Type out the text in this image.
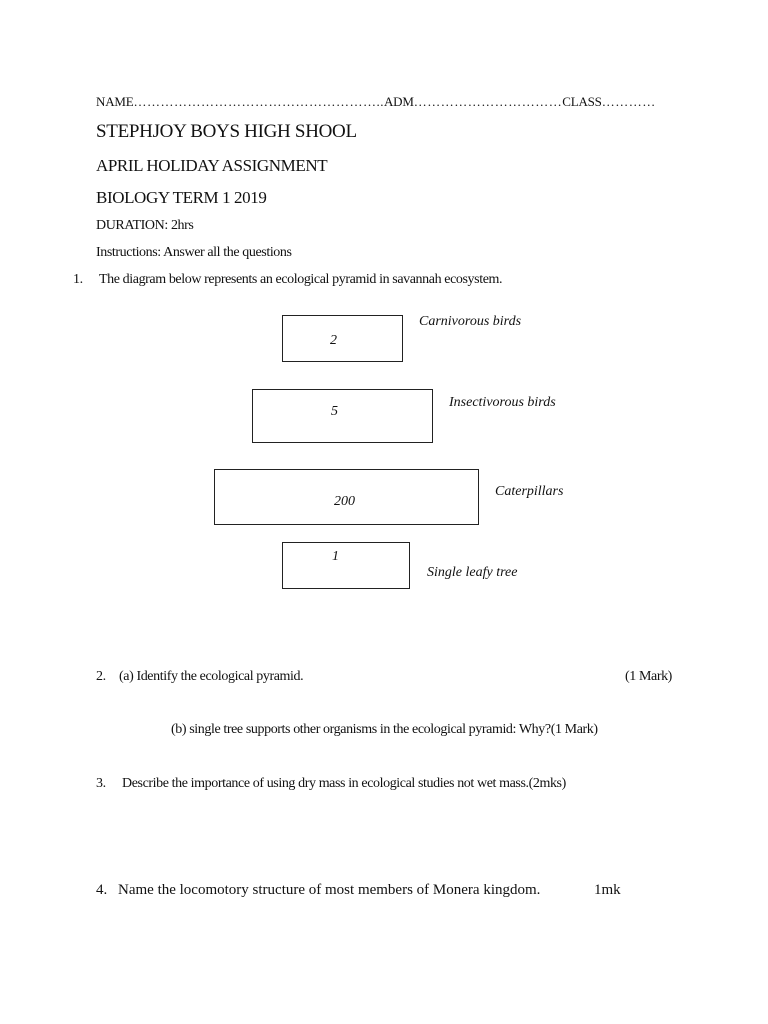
NAME………………………………………………..ADM……………………………CLASS…………
STEPHJOY BOYS HIGH SHOOL
APRIL HOLIDAY ASSIGNMENT
BIOLOGY TERM 1 2019
DURATION: 2hrs
Instructions: Answer all the questions
1. The diagram below represents an ecological pyramid in savannah ecosystem.
2
Carnivorous birds
5
Insectivorous birds
200
Caterpillars
1
Single leafy tree
2. (a) Identify the ecological pyramid.	(1 Mark)
(b) single tree supports other organisms in the ecological pyramid: Why?(1 Mark)
3. Describe the importance of using dry mass in ecological studies not wet mass.(2mks)
4. Name the locomotory structure of most members of Monera kingdom.	1mk
